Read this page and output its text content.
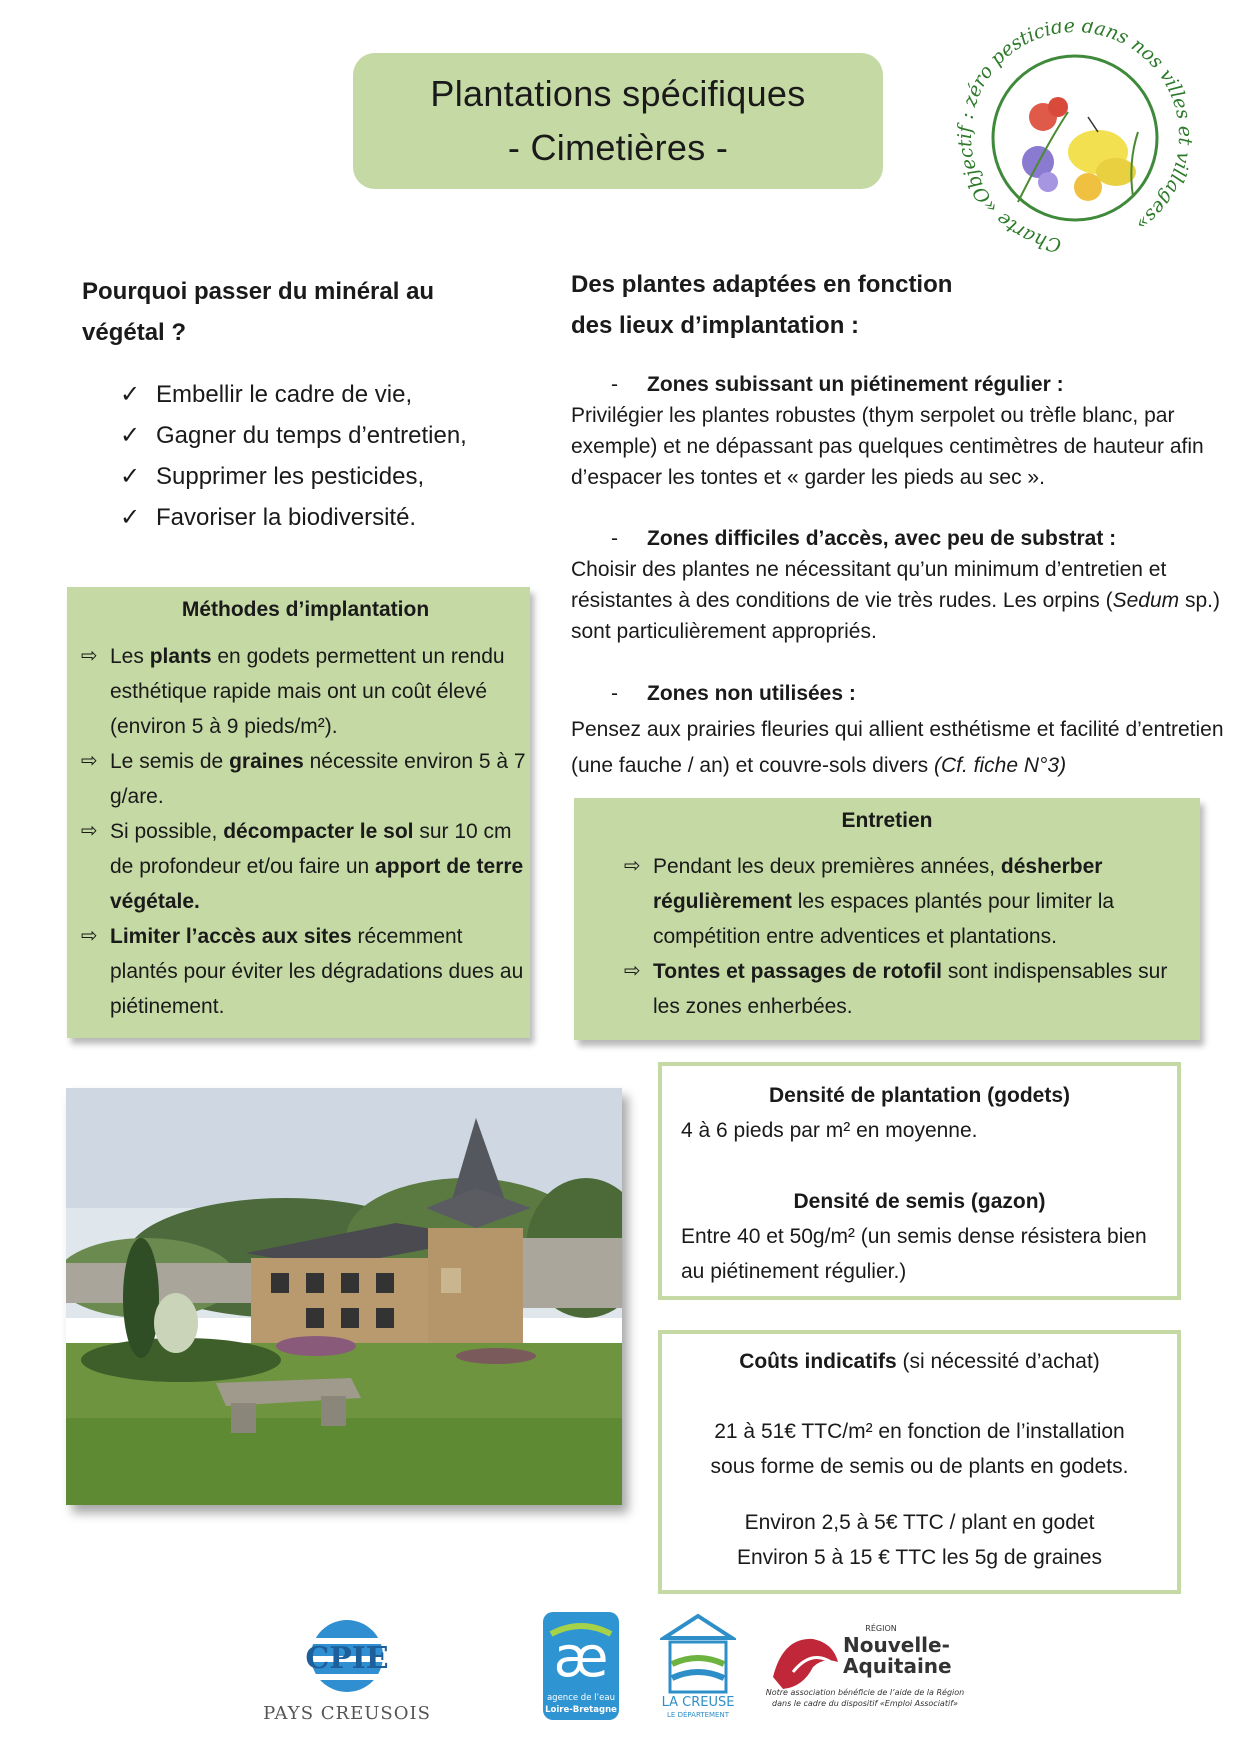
Plantations spécifiques
- Cimetières -
Charte «Objectif : zéro pesticide dans nos villes et villages»
Pourquoi passer du minéral au
végétal ?
✓ Embellir le cadre de vie,
✓ Gagner du temps d’entretien,
✓ Supprimer les pesticides,
✓ Favoriser la biodiversité.
Méthodes d’implantation
⇨ Les plants en godets permettent un rendu esthétique rapide mais ont un coût élevé (environ 5 à 9 pieds/m²).
⇨ Le semis de graines nécessite environ 5 à 7 g/are.
⇨ Si possible, décompacter le sol sur 10 cm de profondeur et/ou faire un apport de terre végétale.
⇨ Limiter l’accès aux sites récemment plantés pour éviter les dégradations dues au piétinement.
Des plantes adaptées en fonction
des lieux d’implantation :
- Zones subissant un piétinement régulier :
Privilégier les plantes robustes (thym serpolet ou trèfle blanc, par exemple) et ne dépassant pas quelques centimètres de hauteur afin d’espacer les tontes et « garder les pieds au sec ».
- Zones difficiles d’accès, avec peu de substrat :
Choisir des plantes ne nécessitant qu’un minimum d’entretien et résistantes à des conditions de vie très rudes. Les orpins (Sedum sp.) sont particulièrement appropriés.
- Zones non utilisées :
Pensez aux prairies fleuries qui allient esthétisme et facilité d’entretien (une fauche / an) et couvre-sols divers (Cf. fiche N°3)
Entretien
⇨ Pendant les deux premières années, désherber régulièrement les espaces plantés pour limiter la compétition entre adventices et plantations.
⇨ Tontes et passages de rotofil sont indispensables sur les zones enherbées.
Densité de plantation (godets)
4 à 6 pieds par m² en moyenne.
Densité de semis (gazon)
Entre 40 et 50g/m² (un semis dense résistera bien au piétinement régulier.)
Coûts indicatifs (si nécessité d’achat)
21 à 51€ TTC/m² en fonction de l’installation
sous forme de semis ou de plants en godets.
Environ 2,5 à 5€ TTC / plant en godet
Environ 5 à 15 € TTC les 5g de graines
CPIE
PAYS CREUSOIS
æ
agence de l’eau
Loire-Bretagne	LA CREUSE
LE DÉPARTEMENT
RÉGION
Nouvelle-
Aquitaine
Notre association bénéficie de l’aide de la Région
dans le cadre du dispositif «Emploi Associatif»
